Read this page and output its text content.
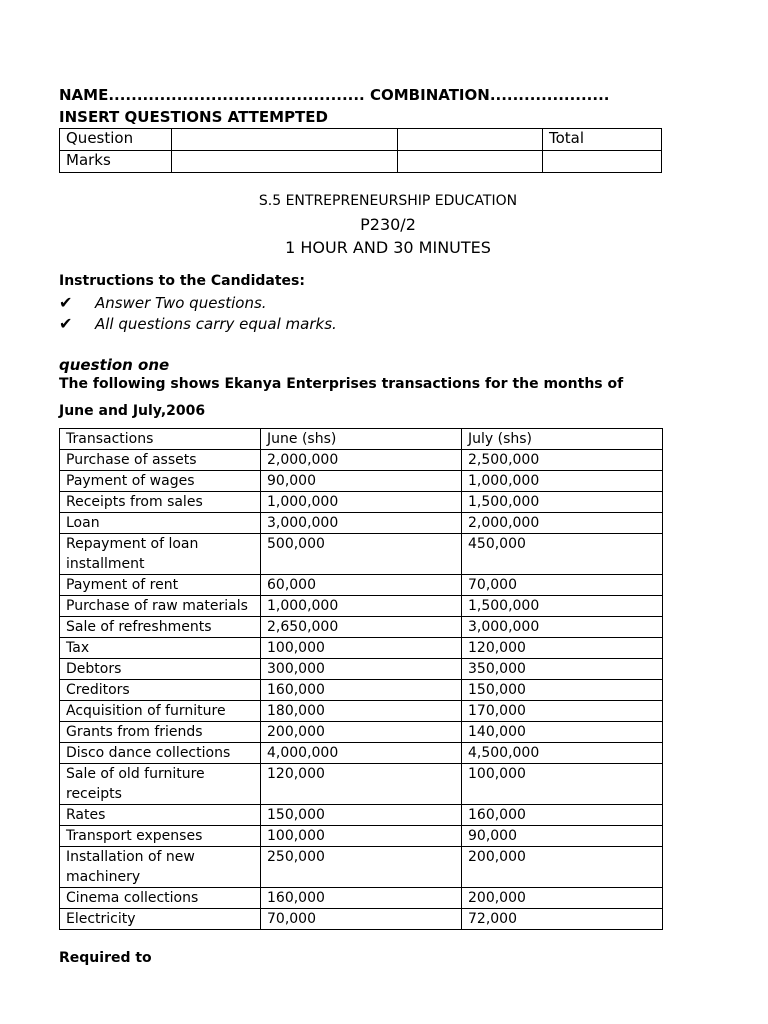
NAME............................................. COMBINATION.....................
INSERT QUESTIONS ATTEMPTED
Question			Total
Marks			
S.5 ENTREPRENEURSHIP EDUCATION
P230/2
1 HOUR AND 30 MINUTES
Instructions to the Candidates:
✔ Answer Two questions.
✔ All questions carry equal marks.
question one
The following shows Ekanya Enterprises transactions for the months of
June and July,2006
Transactions	June (shs)	July (shs)
Purchase of assets	2,000,000	2,500,000
Payment of wages	90,000	1,000,000
Receipts from sales	1,000,000	1,500,000
Loan	3,000,000	2,000,000
Repayment of loan installment	500,000	450,000
Payment of rent	60,000	70,000
Purchase of raw materials	1,000,000	1,500,000
Sale of refreshments	2,650,000	3,000,000
Tax	100,000	120,000
Debtors	300,000	350,000
Creditors	160,000	150,000
Acquisition of furniture	180,000	170,000
Grants from friends	200,000	140,000
Disco dance collections	4,000,000	4,500,000
Sale of old furniture receipts	120,000	100,000
Rates	150,000	160,000
Transport expenses	100,000	90,000
Installation of new machinery	250,000	200,000
Cinema collections	160,000	200,000
Electricity	70,000	72,000
Required to
